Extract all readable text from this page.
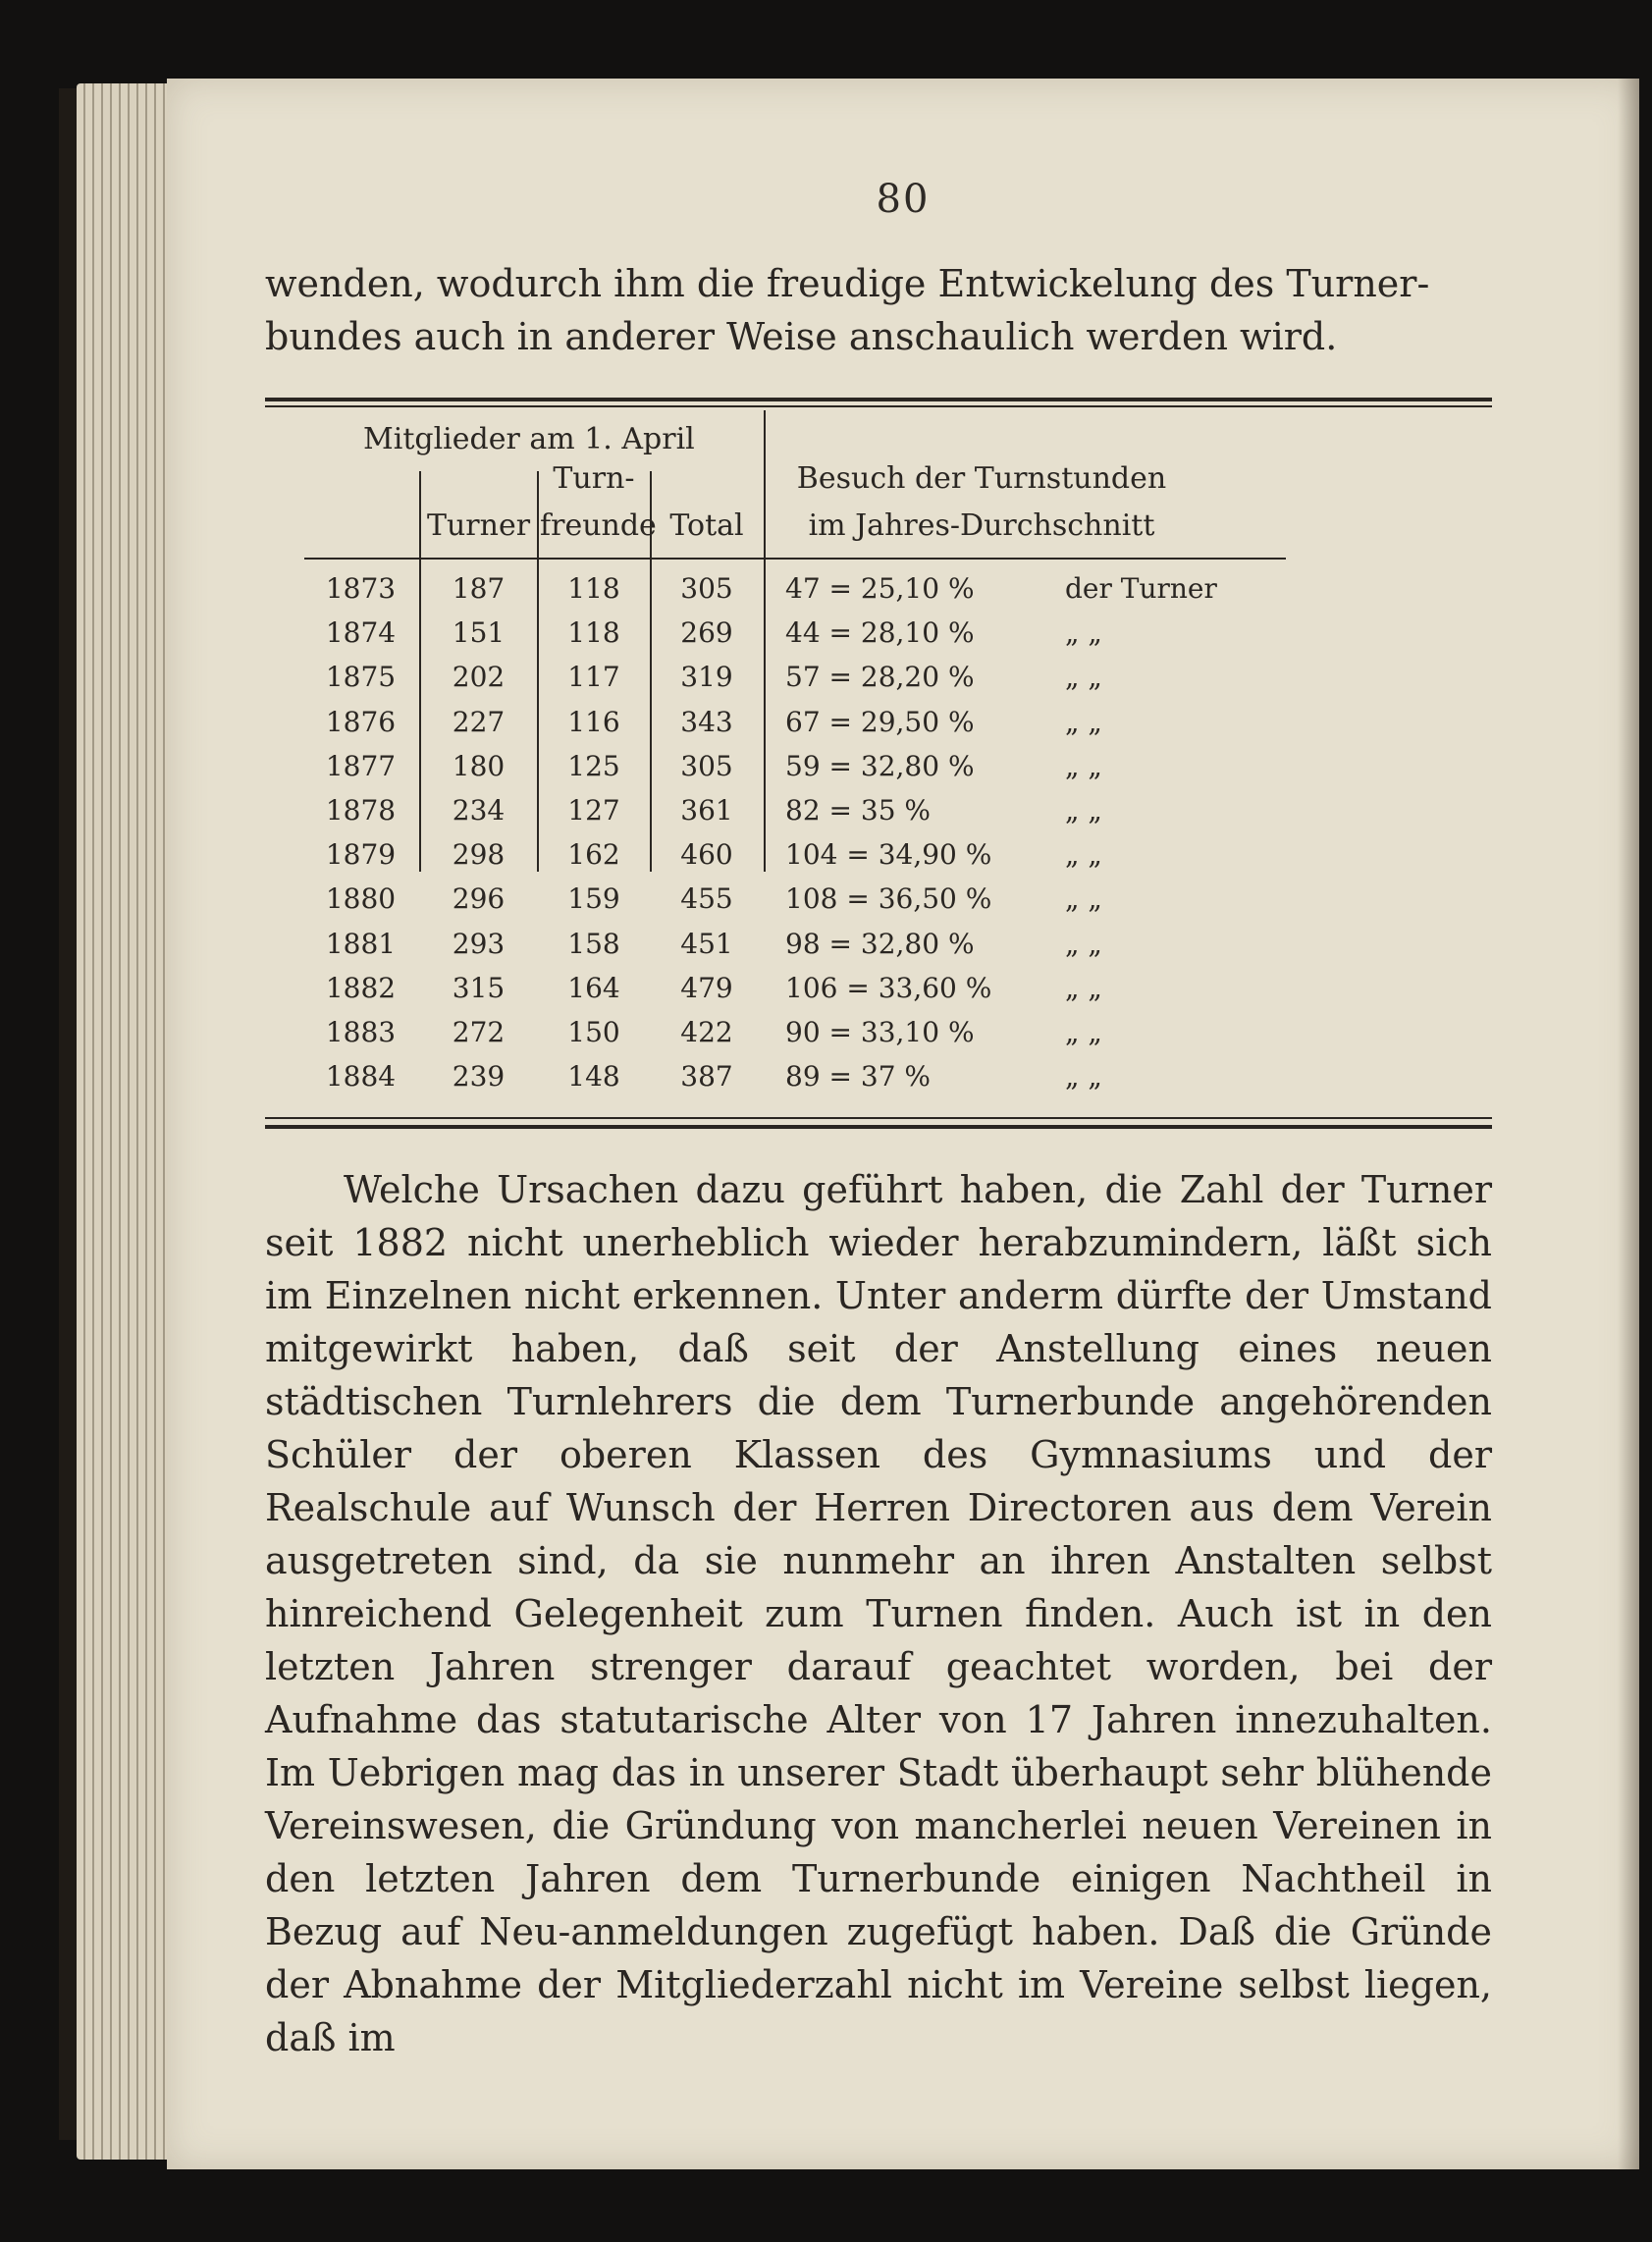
80
wenden, wodurch ihm die freudige Entwickelung des Turner-
bundes auch in anderer Weise anschaulich werden wird.
Mitglieder am 1. April
Turn-
Turner freunde Total
Besuch der Turnstunden
im Jahres-Durchschnitt
1873	187	118	305	47 = 25,10 %	der Turner
1874	151	118	269	44 = 28,10 %	„ „
1875	202	117	319	57 = 28,20 %	„ „
1876	227	116	343	67 = 29,50 %	„ „
1877	180	125	305	59 = 32,80 %	„ „
1878	234	127	361	82 = 35 %	„ „
1879	298	162	460	104 = 34,90 %	„ „
1880	296	159	455	108 = 36,50 %	„ „
1881	293	158	451	98 = 32,80 %	„ „
1882	315	164	479	106 = 33,60 %	„ „
1883	272	150	422	90 = 33,10 %	„ „
1884	239	148	387	89 = 37 %	„ „
Welche Ursachen dazu geführt haben, die Zahl der Turner seit 1882 nicht unerheblich wieder herabzumindern, läßt sich im Einzelnen nicht erkennen. Unter anderm dürfte der Umstand mitgewirkt haben, daß seit der Anstellung eines neuen städtischen Turnlehrers die dem Turnerbunde angehörenden Schüler der oberen Klassen des Gymnasiums und der Realschule auf Wunsch der Herren Directoren aus dem Verein ausgetreten sind, da sie nunmehr an ihren Anstalten selbst hinreichend Gelegenheit zum Turnen finden. Auch ist in den letzten Jahren strenger darauf geachtet worden, bei der Aufnahme das statutarische Alter von 17 Jahren innezuhalten. Im Uebrigen mag das in unserer Stadt überhaupt sehr blühende Vereinswesen, die Gründung von mancherlei neuen Vereinen in den letzten Jahren dem Turnerbunde einigen Nachtheil in Bezug auf Neu-anmeldungen zugefügt haben. Daß die Gründe der Abnahme der Mitgliederzahl nicht im Vereine selbst liegen, daß im
